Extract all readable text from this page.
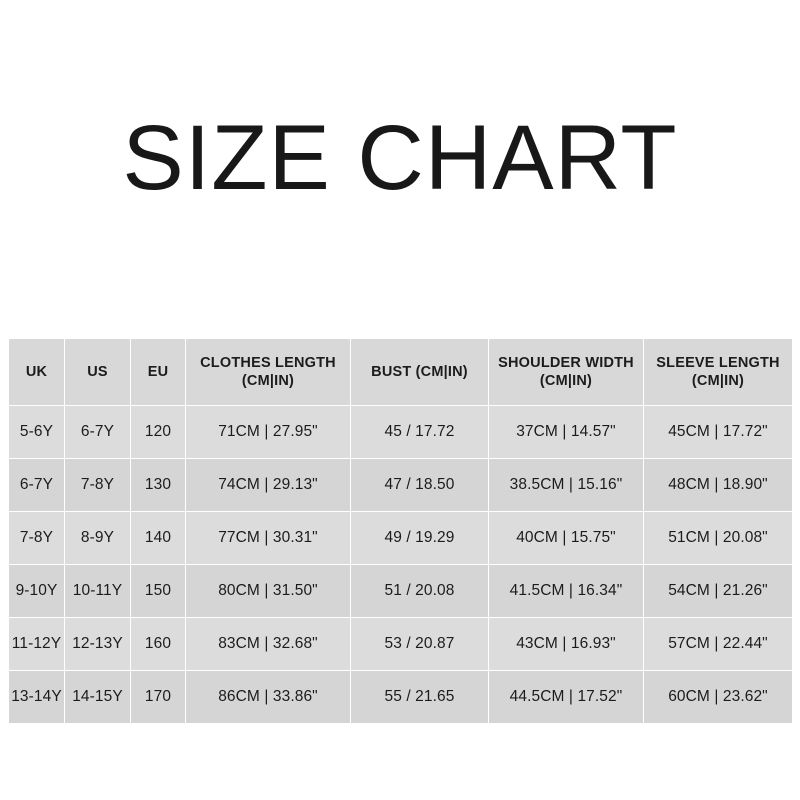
SIZE CHART
UK	US	EU	CLOTHES LENGTH (CM|IN)	BUST (CM|IN)	SHOULDER WIDTH (CM|IN)	SLEEVE LENGTH (CM|IN)
5-6Y	6-7Y	120	71CM | 27.95"	45 / 17.72	37CM | 14.57"	45CM | 17.72"
6-7Y	7-8Y	130	74CM | 29.13"	47 / 18.50	38.5CM | 15.16"	48CM | 18.90"
7-8Y	8-9Y	140	77CM | 30.31"	49 / 19.29	40CM | 15.75"	51CM | 20.08"
9-10Y	10-11Y	150	80CM | 31.50"	51 / 20.08	41.5CM | 16.34"	54CM | 21.26"
11-12Y	12-13Y	160	83CM | 32.68"	53 / 20.87	43CM | 16.93"	57CM | 22.44"
13-14Y	14-15Y	170	86CM | 33.86"	55 / 21.65	44.5CM | 17.52"	60CM | 23.62"
